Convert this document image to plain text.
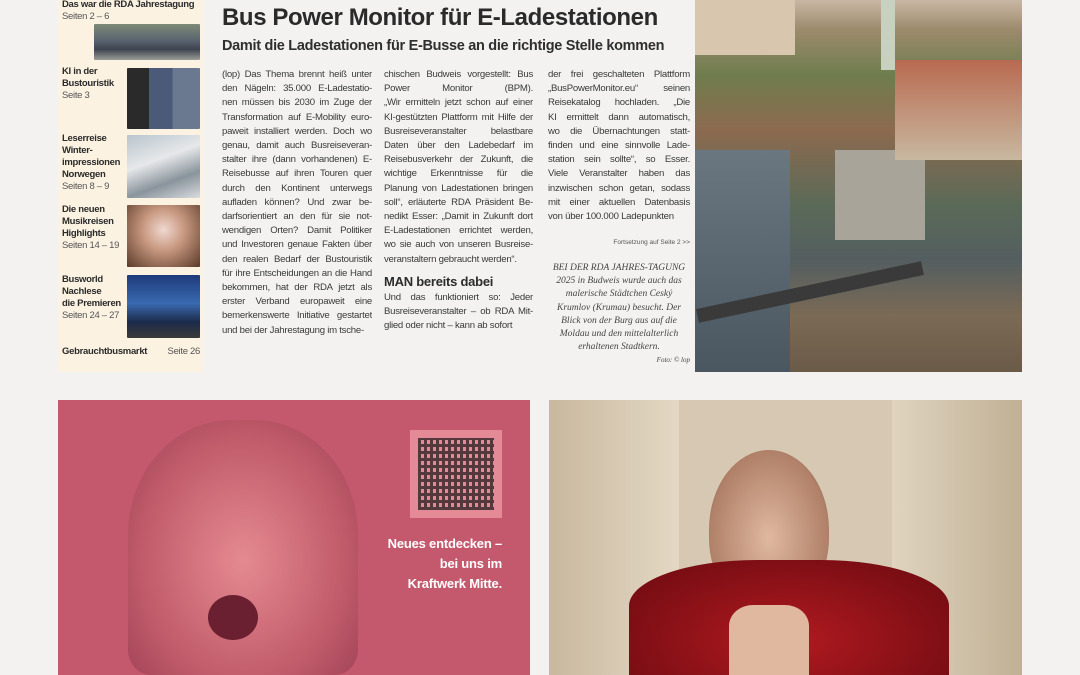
Das war die RDA Jahrestagung
Seiten 2 – 6
KI in der
Bustouristik
Seite 3
Leserreise
Winter-
impressionen
Norwegen
Seiten 8 – 9
Die neuen
Musikreisen
Highlights
Seiten 14 – 19
Busworld
Nachlese
die Premieren
Seiten 24 – 27
Gebrauchtbusmarkt Seite 26
Bus Power Monitor für E-Ladestationen
Damit die Ladestationen für E-Busse an die richtige Stelle kommen
(lop) Das Thema brennt heiß unter
den Nägeln: 35.000 E-Ladestatio-
nen müssen bis 2030 im Zuge der
Transformation auf E-Mobility euro-
paweit installiert werden. Doch wo
genau, damit auch Busreiseveran-
stalter ihre (dann vorhandenen) E-
Reisebusse auf ihren Touren quer
durch den Kontinent unterwegs
aufladen können? Und zwar be-
darfsorientiert an den für sie not-
wendigen Orten? Damit Politiker
und Investoren genaue Fakten über
den realen Bedarf der Bustouristik
für ihre Entscheidungen an die Hand
bekommen, hat der RDA jetzt als
erster Verband europaweit eine
bemerkenswerte Initiative gestartet
und bei der Jahrestagung im tsche-
chischen Budweis vorgestellt: Bus
Power Monitor (BPM).
„Wir ermitteln jetzt schon auf einer
KI-gestützten Plattform mit Hilfe der
Busreiseveranstalter belastbare
Daten über den Ladebedarf im
Reisebusverkehr der Zukunft, die
wichtige Erkenntnisse für die
Planung von Ladestationen bringen
soll“, erläuterte RDA Präsident Be-
nedikt Esser: „Damit in Zukunft dort
E-Ladestationen errichtet werden,
wo sie auch von unseren Busreise-
veranstaltern gebraucht werden“.
MAN bereits dabei
Und das funktioniert so: Jeder
Busreiseveranstalter – ob RDA Mit-
glied oder nicht – kann ab sofort
der frei geschalteten Plattform
„BusPowerMonitor.eu“ seinen
Reisekatalog hochladen. „Die
KI ermittelt dann automatisch,
wo die Übernachtungen statt-
finden und eine sinnvolle Lade-
station sein sollte“, so Esser.
Viele Veranstalter haben das
inzwischen schon getan, sodass
mit einer aktuellen Datenbasis
von über 100.000 Ladepunkten
Fortsetzung auf Seite 2 >>
BEI DER RDA JAHRES-TAGUNG 2025 in Budweis wurde auch das malerische Städtchen Ceský Krumlov (Krumau) besucht. Der Blick von der Burg aus auf die Moldau und den mittelalterlich erhaltenen Stadtkern.
Foto: © lop
Neues entdecken –
bei uns im
Kraftwerk Mitte.
